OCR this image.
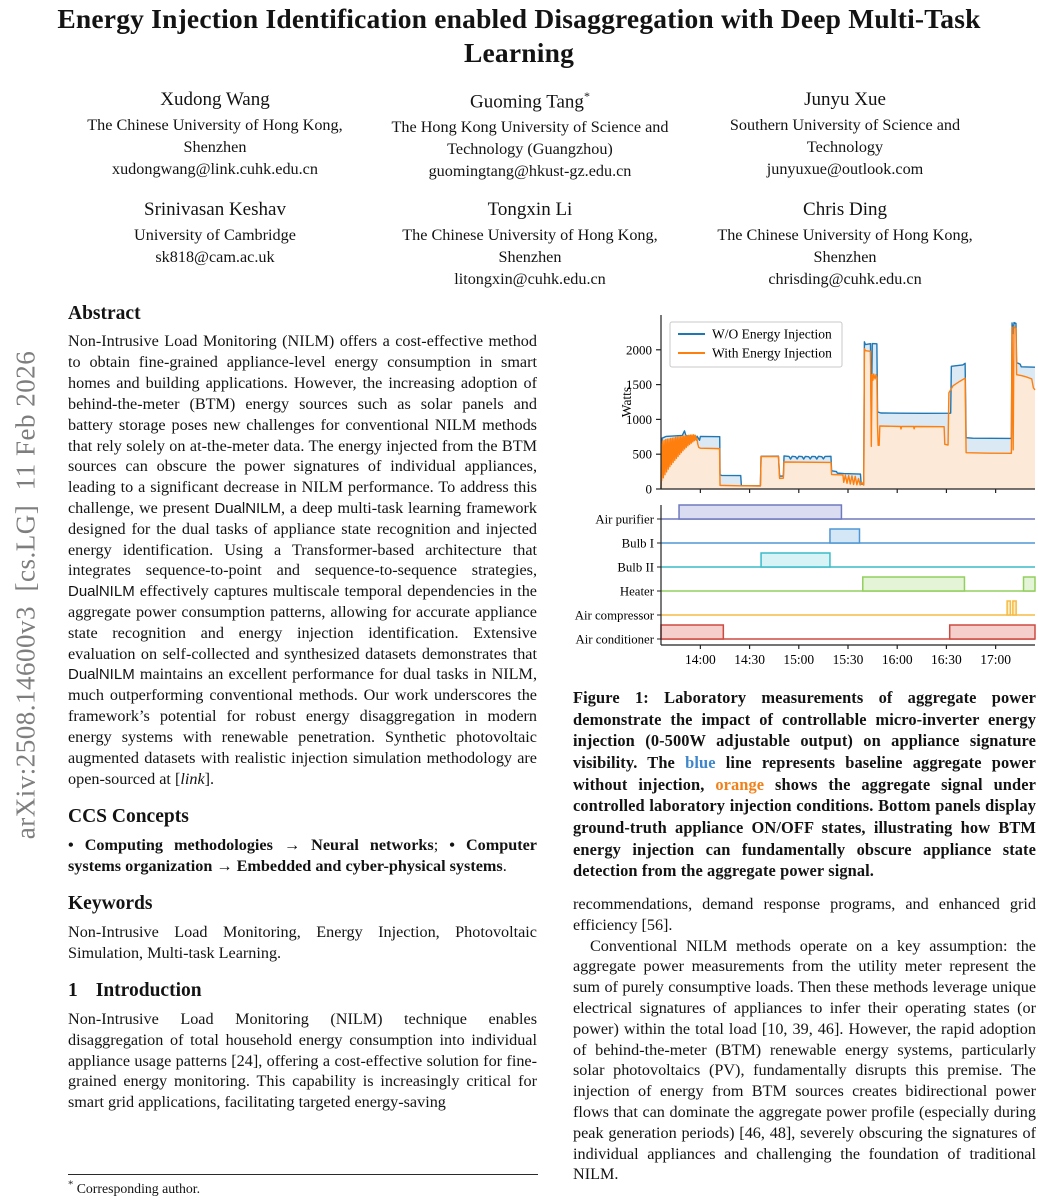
arXiv:2508.14600v3  [cs.LG]  11 Feb 2026
Energy Injection Identification enabled Disaggregation with Deep Multi-Task Learning
Xudong Wang
The Chinese University of Hong Kong, Shenzhen
xudongwang@link.cuhk.edu.cn
Guoming Tang*
The Hong Kong University of Science and Technology (Guangzhou)
guomingtang@hkust-gz.edu.cn
Junyu Xue
Southern University of Science and Technology
junyuxue@outlook.com
Srinivasan Keshav
University of Cambridge
sk818@cam.ac.uk
Tongxin Li
The Chinese University of Hong Kong, Shenzhen
litongxin@cuhk.edu.cn
Chris Ding
The Chinese University of Hong Kong, Shenzhen
chrisding@cuhk.edu.cn
Abstract

Non-Intrusive Load Monitoring (NILM) offers a cost-effective method to obtain fine-grained appliance-level energy consumption in smart homes and building applications. However, the increasing adoption of behind-the-meter (BTM) energy sources such as solar panels and battery storage poses new challenges for conventional NILM methods that rely solely on at-the-meter data. The energy injected from the BTM sources can obscure the power signatures of individual appliances, leading to a significant decrease in NILM performance. To address this challenge, we present DualNILM, a deep multi-task learning framework designed for the dual tasks of appliance state recognition and injected energy identification. Using a Transformer-based architecture that integrates sequence-to-point and sequence-to-sequence strategies, DualNILM effectively captures multiscale temporal dependencies in the aggregate power consumption patterns, allowing for accurate appliance state recognition and energy injection identification. Extensive evaluation on self-collected and synthesized datasets demonstrates that DualNILM maintains an excellent performance for dual tasks in NILM, much outperforming conventional methods. Our work underscores the framework’s potential for robust energy disaggregation in modern energy systems with renewable penetration. Synthetic photovoltaic augmented datasets with realistic injection simulation methodology are open-sourced at [link].

CCS Concepts

• Computing methodologies → Neural networks; • Computer systems organization → Embedded and cyber-physical systems.

Keywords

Non-Intrusive Load Monitoring, Energy Injection, Photovoltaic Simulation, Multi-task Learning.

1 Introduction

Non-Intrusive Load Monitoring (NILM) technique enables disaggregation of total household energy consumption into individual appliance usage patterns [24], offering a cost-effective solution for fine-grained energy monitoring. This capability is increasingly critical for smart grid applications, facilitating targeted energy-saving

0
500
1000
1500
2000
Watts
W/O Energy Injection
With Energy Injection
Air purifier
Bulb I
Bulb II
Heater
Air compressor
Air conditioner
14:00 14:30 15:00 15:30 16:00 16:30 17:00

Figure 1: Laboratory measurements of aggregate power demonstrate the impact of controllable micro-inverter energy injection (0-500W adjustable output) on appliance signature visibility. The blue line represents baseline aggregate power without injection, orange shows the aggregate signal under controlled laboratory injection conditions. Bottom panels display ground-truth appliance ON/OFF states, illustrating how BTM energy injection can fundamentally obscure appliance state detection from the aggregate power signal.

recommendations, demand response programs, and enhanced grid efficiency [56].

Conventional NILM methods operate on a key assumption: the aggregate power measurements from the utility meter represent the sum of purely consumptive loads. Then these methods leverage unique electrical signatures of appliances to infer their operating states (or power) within the total load [10, 39, 46]. However, the rapid adoption of behind-the-meter (BTM) renewable energy systems, particularly solar photovoltaics (PV), fundamentally disrupts this premise. The injection of energy from BTM sources creates bidirectional power flows that can dominate the aggregate power profile (especially during peak generation periods) [46, 48], severely obscuring the signatures of individual appliances and challenging the foundation of traditional NILM.

* Corresponding author.
